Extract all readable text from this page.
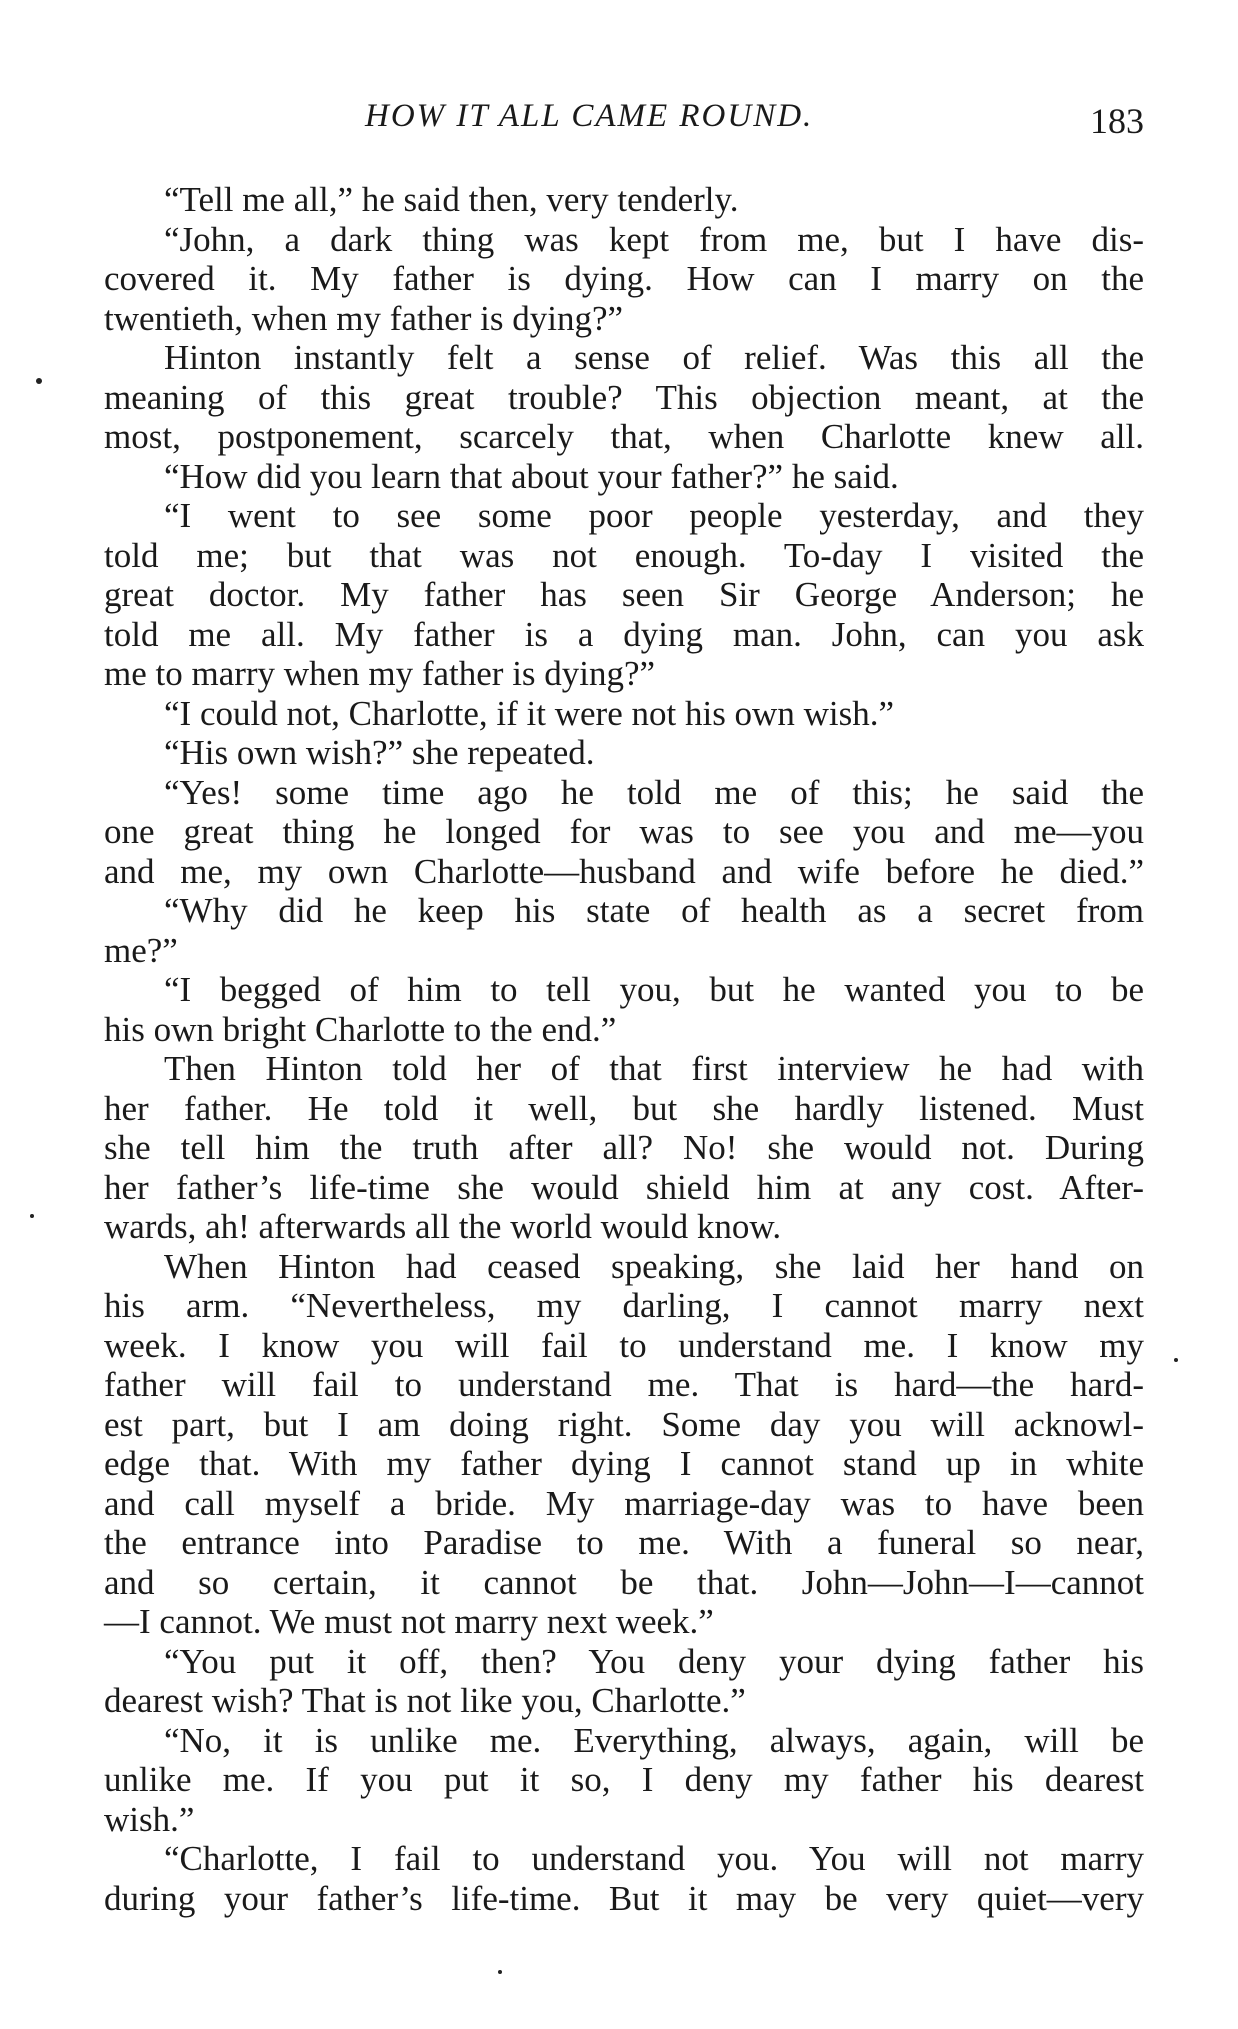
HOW IT ALL CAME ROUND.	183
“Tell me all,” he said then, very tenderly.
“John, a dark thing was kept from me, but I have dis-
covered it. My father is dying. How can I marry on the
twentieth, when my father is dying?”
Hinton instantly felt a sense of relief. Was this all the
meaning of this great trouble? This objection meant, at the
most, postponement, scarcely that, when Charlotte knew all.
“How did you learn that about your father?” he said.
“I went to see some poor people yesterday, and they
told me; but that was not enough. To-day I visited the
great doctor. My father has seen Sir George Anderson; he
told me all. My father is a dying man. John, can you ask
me to marry when my father is dying?”
“I could not, Charlotte, if it were not his own wish.”
“His own wish?” she repeated.
“Yes! some time ago he told me of this; he said the
one great thing he longed for was to see you and me—you
and me, my own Charlotte—husband and wife before he died.”
“Why did he keep his state of health as a secret from
me?”
“I begged of him to tell you, but he wanted you to be
his own bright Charlotte to the end.”
Then Hinton told her of that first interview he had with
her father. He told it well, but she hardly listened. Must
she tell him the truth after all? No! she would not. During
her father’s life-time she would shield him at any cost. After-
wards, ah! afterwards all the world would know.
When Hinton had ceased speaking, she laid her hand on
his arm. “Nevertheless, my darling, I cannot marry next
week. I know you will fail to understand me. I know my
father will fail to understand me. That is hard—the hard-
est part, but I am doing right. Some day you will acknowl-
edge that. With my father dying I cannot stand up in white
and call myself a bride. My marriage-day was to have been
the entrance into Paradise to me. With a funeral so near,
and so certain, it cannot be that. John—John—I—cannot
—I cannot. We must not marry next week.”
“You put it off, then? You deny your dying father his
dearest wish? That is not like you, Charlotte.”
“No, it is unlike me. Everything, always, again, will be
unlike me. If you put it so, I deny my father his dearest
wish.”
“Charlotte, I fail to understand you. You will not marry
during your father’s life-time. But it may be very quiet—very
